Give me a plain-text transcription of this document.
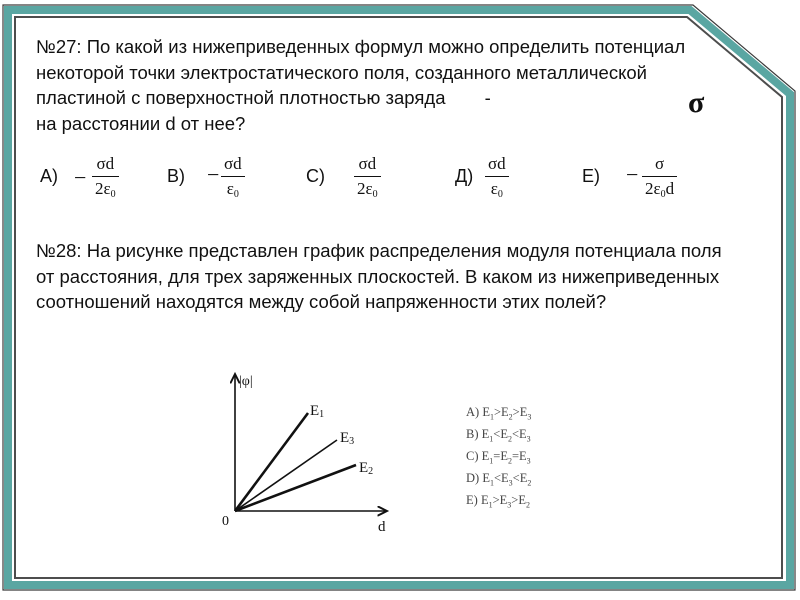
№27: По какой из нижеприведенных формул можно определить потенциал некоторой точки электростатического поля, созданного металлической пластиной с поверхностной плотностью заряда -
на расстоянии d от нее?
σ
А) −
σd
$2\varepsilon_0$
В) − σd
$\varepsilon_0$
С)
σd
$2\varepsilon_0$
Д)
σd
$\varepsilon_0$
Е) − σ
$2\varepsilon_0d$
№28: На рисунке представлен график распределения модуля потенциала поля от расстояния, для трех заряженных плоскостей. В каком из нижеприведенных соотношений находятся между собой напряженности этих полей?
|φ|
d
0
E1
E3
E2
A) $E_1>E_2>E_3$
B) $E_1<E_2<E_3$
C) $E_1=E_2=E_3$
D) $E_1<E_3<E_2$
E) $E_1>E_3>E_2$
